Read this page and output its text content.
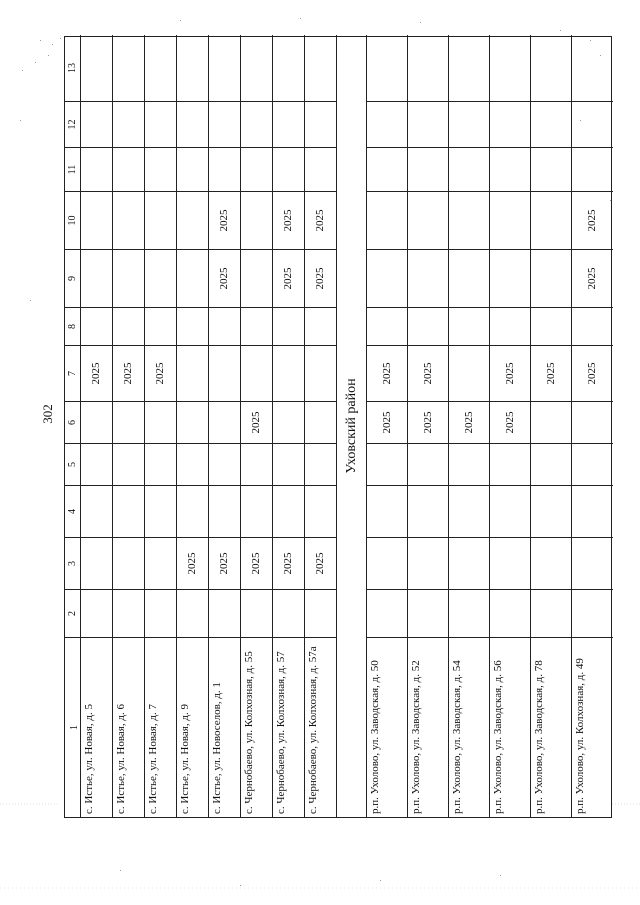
302
1
2
3
4
5
6
7
8
9
10
11
12
13
с. Истье, ул. Новая, д. 5
2025
с. Истье, ул. Новая, д. 6
2025
с. Истье, ул. Новая, д. 7
2025
с. Истье, ул. Новая, д. 9
2025
с. Истье, ул. Новоселов, д. 1
2025
2025
2025
с. Чернобаево, ул. Колхозная, д. 55
2025
2025
с. Чернобаево, ул. Колхозная, д. 57
2025
2025
2025
с. Чернобаево, ул. Колхозная, д. 57а
2025
2025
2025
Уховский район
р.п. Ухолово, ул. Заводская, д. 50
2025
2025
р.п. Ухолово, ул. Заводская, д. 52
2025
2025
р.п. Ухолово, ул. Заводская, д. 54
2025
р.п. Ухолово, ул. Заводская, д. 56
2025
2025
р.п. Ухолово, ул. Заводская, д. 78
2025
р.п. Ухолово, ул. Колхозная, д. 49
2025
2025
2025
